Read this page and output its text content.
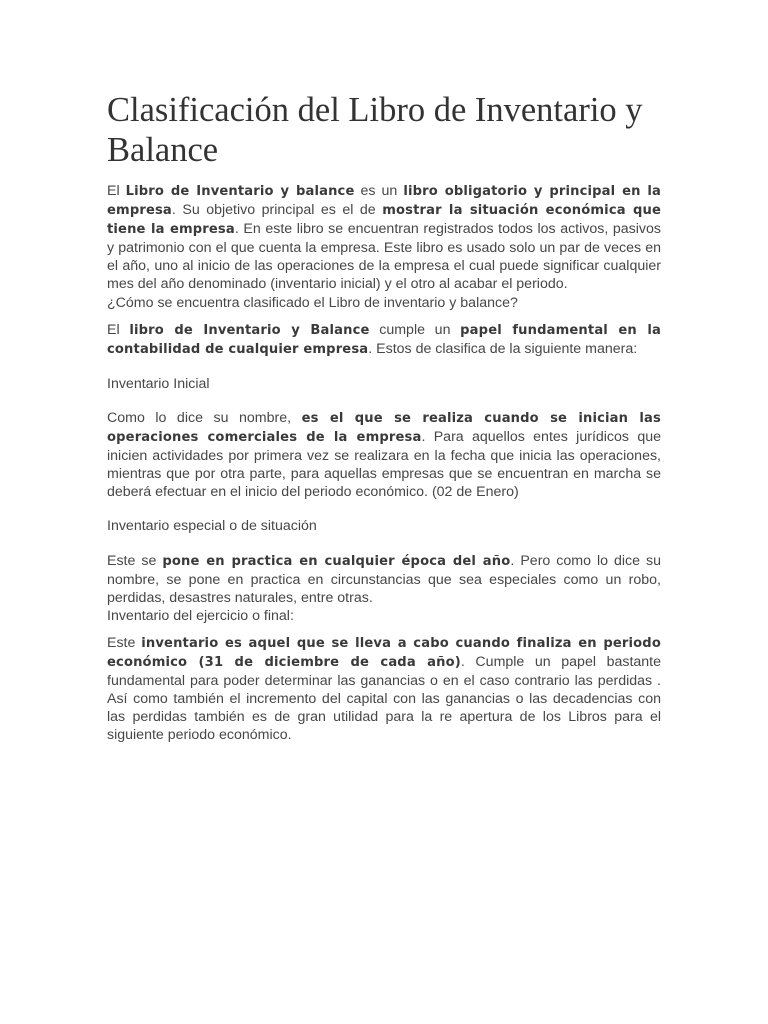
Clasificación del Libro de Inventario y Balance

El Libro de Inventario y balance es un libro obligatorio y principal en la empresa. Su objetivo principal es el de mostrar la situación económica que tiene la empresa. En este libro se encuentran registrados todos los activos, pasivos y patrimonio con el que cuenta la empresa. Este libro es usado solo un par de veces en el año, uno al inicio de las operaciones de la empresa el cual puede significar cualquier mes del año denominado (inventario inicial) y el otro al acabar el periodo.

¿Cómo se encuentra clasificado el Libro de inventario y balance?

El libro de Inventario y Balance cumple un papel fundamental en la contabilidad de cualquier empresa. Estos de clasifica de la siguiente manera:

Inventario Inicial

Como lo dice su nombre, es el que se realiza cuando se inician las operaciones comerciales de la empresa. Para aquellos entes jurídicos que inicien actividades por primera vez se realizara en la fecha que inicia las operaciones, mientras que por otra parte, para aquellas empresas que se encuentran en marcha se deberá efectuar en el inicio del periodo económico. (02 de Enero)

Inventario especial o de situación

Este se pone en practica en cualquier época del año. Pero como lo dice su nombre, se pone en practica en circunstancias que sea especiales como un robo, perdidas, desastres naturales, entre otras.

Inventario del ejercicio o final:

Este inventario es aquel que se lleva a cabo cuando finaliza en periodo económico (31 de diciembre de cada año). Cumple un papel bastante fundamental para poder determinar las ganancias o en el caso contrario las perdidas . Así como también el incremento del capital con las ganancias o las decadencias con las perdidas también es de gran utilidad para la re apertura de los Libros para el siguiente periodo económico.
